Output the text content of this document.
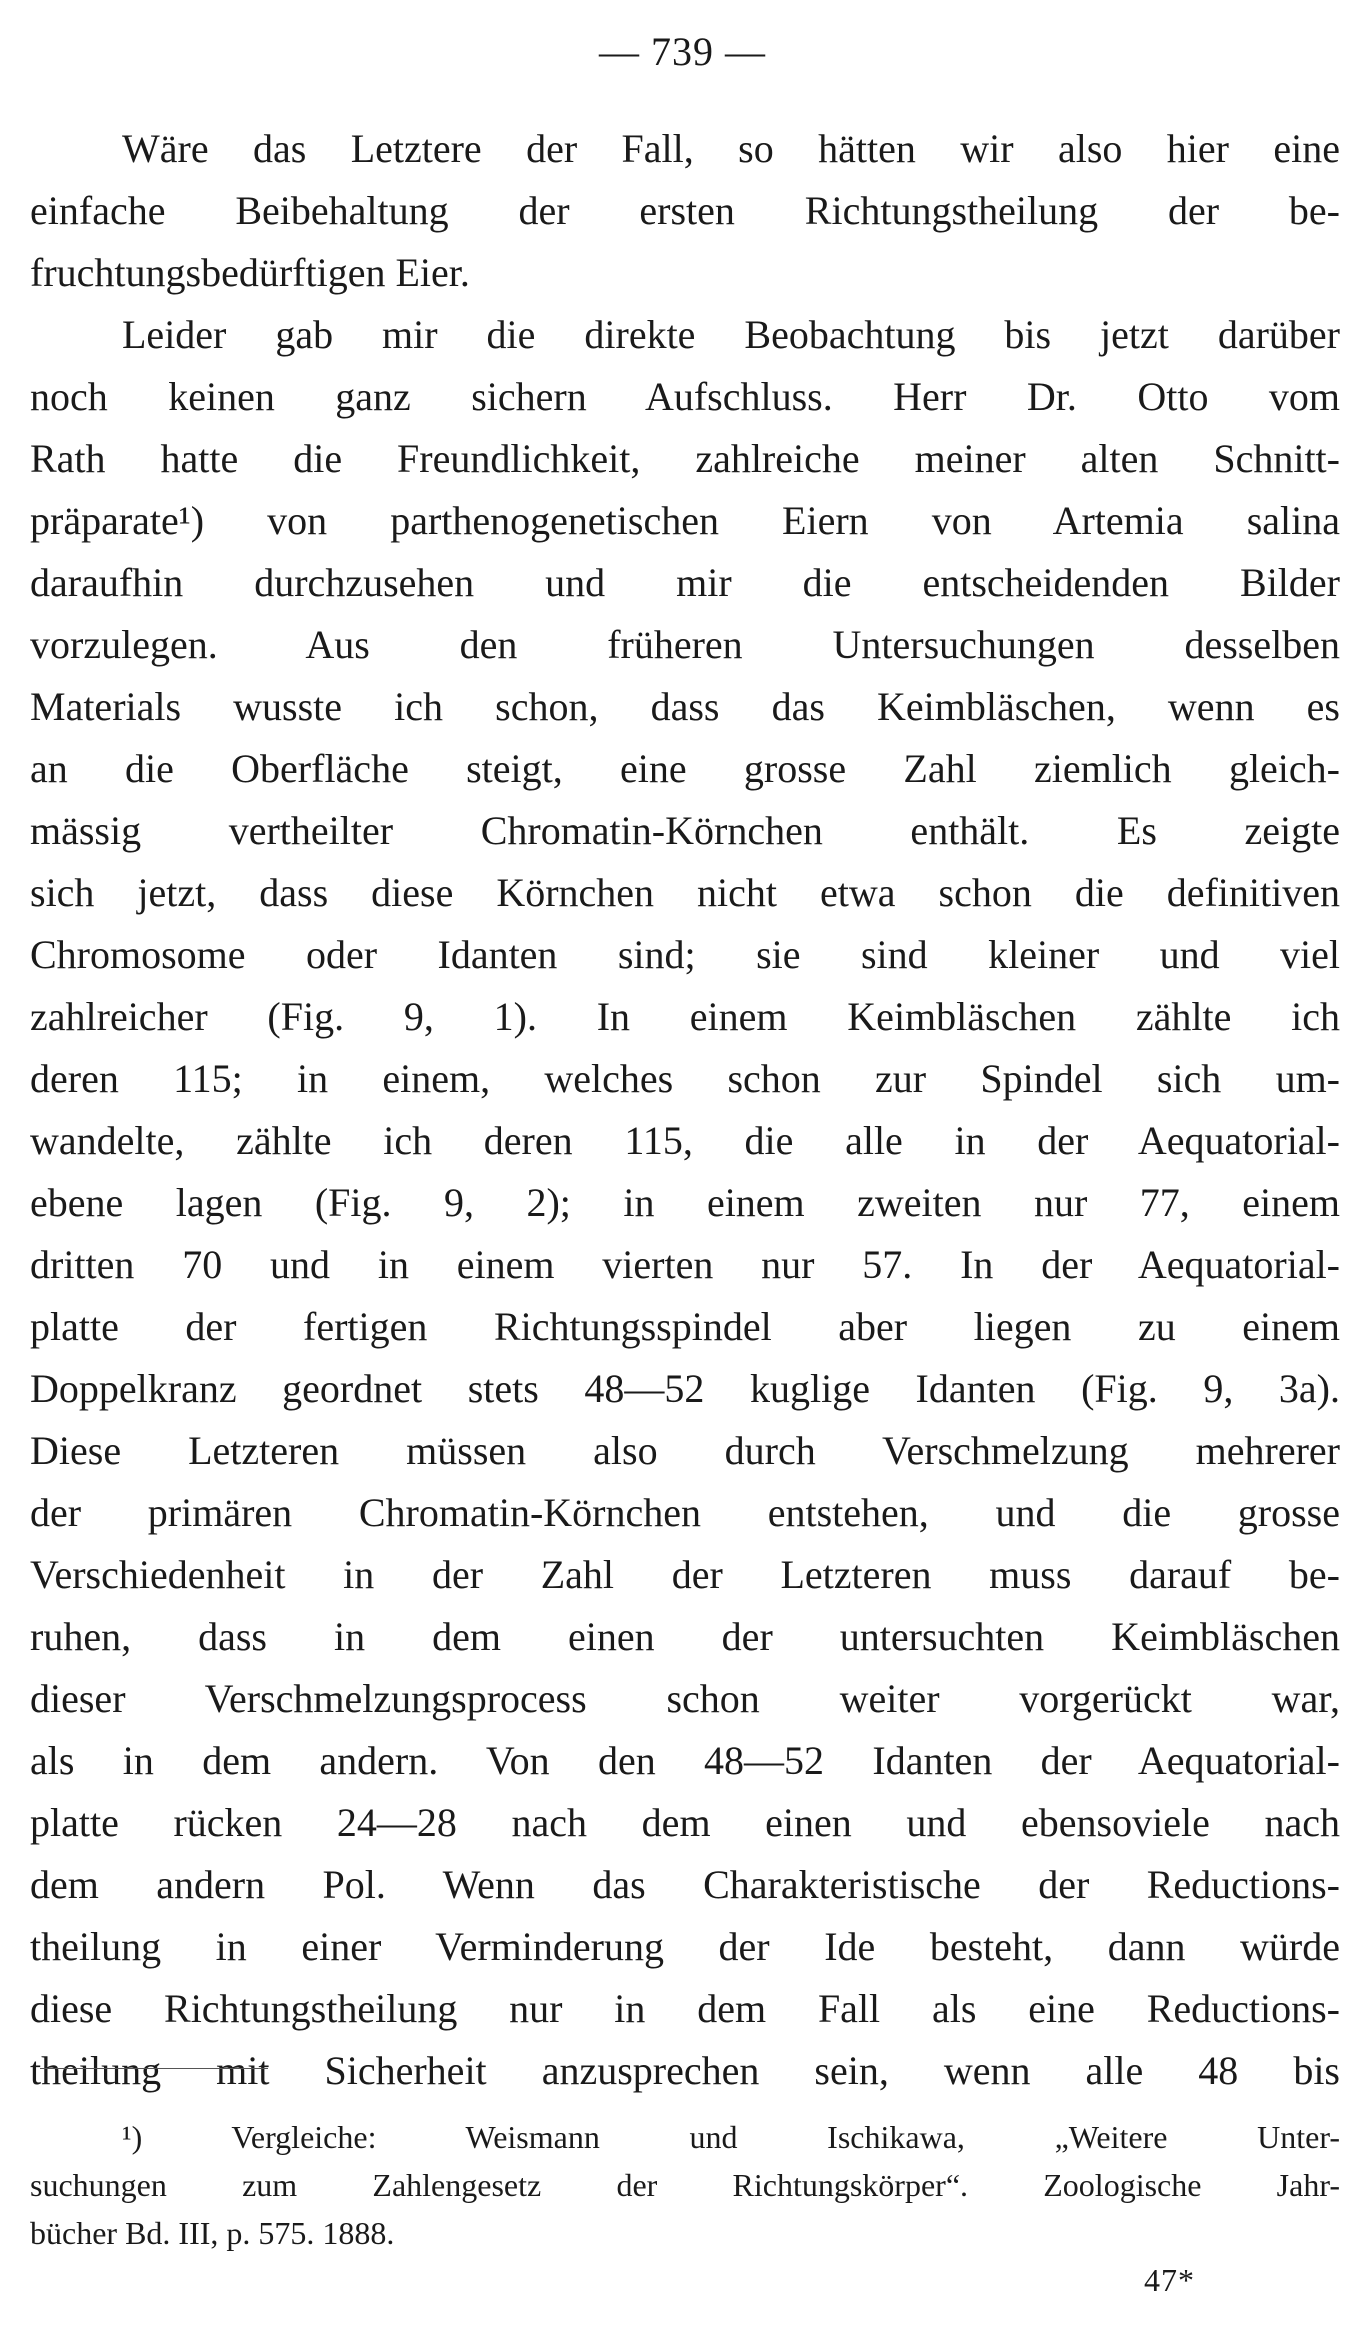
— 739 —
Wäre das Letztere der Fall, so hätten wir also hier eine
einfache Beibehaltung der ersten Richtungstheilung der be-
fruchtungsbedürftigen Eier.
Leider gab mir die direkte Beobachtung bis jetzt darüber
noch keinen ganz sichern Aufschluss. Herr Dr. Otto vom
Rath hatte die Freundlichkeit, zahlreiche meiner alten Schnitt-
präparate¹) von parthenogenetischen Eiern von Artemia salina
daraufhin durchzusehen und mir die entscheidenden Bilder
vorzulegen. Aus den früheren Untersuchungen desselben
Materials wusste ich schon, dass das Keimbläschen, wenn es
an die Oberfläche steigt, eine grosse Zahl ziemlich gleich-
mässig vertheilter Chromatin-Körnchen enthält. Es zeigte
sich jetzt, dass diese Körnchen nicht etwa schon die definitiven
Chromosome oder Idanten sind; sie sind kleiner und viel
zahlreicher (Fig. 9, 1). In einem Keimbläschen zählte ich
deren 115; in einem, welches schon zur Spindel sich um-
wandelte, zählte ich deren 115, die alle in der Aequatorial-
ebene lagen (Fig. 9, 2); in einem zweiten nur 77, einem
dritten 70 und in einem vierten nur 57. In der Aequatorial-
platte der fertigen Richtungsspindel aber liegen zu einem
Doppelkranz geordnet stets 48—52 kuglige Idanten (Fig. 9, 3a).
Diese Letzteren müssen also durch Verschmelzung mehrerer
der primären Chromatin-Körnchen entstehen, und die grosse
Verschiedenheit in der Zahl der Letzteren muss darauf be-
ruhen, dass in dem einen der untersuchten Keimbläschen
dieser Verschmelzungsprocess schon weiter vorgerückt war,
als in dem andern. Von den 48—52 Idanten der Aequatorial-
platte rücken 24—28 nach dem einen und ebensoviele nach
dem andern Pol. Wenn das Charakteristische der Reductions-
theilung in einer Verminderung der Ide besteht, dann würde
diese Richtungstheilung nur in dem Fall als eine Reductions-
theilung mit Sicherheit anzusprechen sein, wenn alle 48 bis
¹) Vergleiche: Weismann und Ischikawa, „Weitere Unter-
suchungen zum Zahlengesetz der Richtungskörper“. Zoologische Jahr-
bücher Bd. III, p. 575. 1888.
47*
